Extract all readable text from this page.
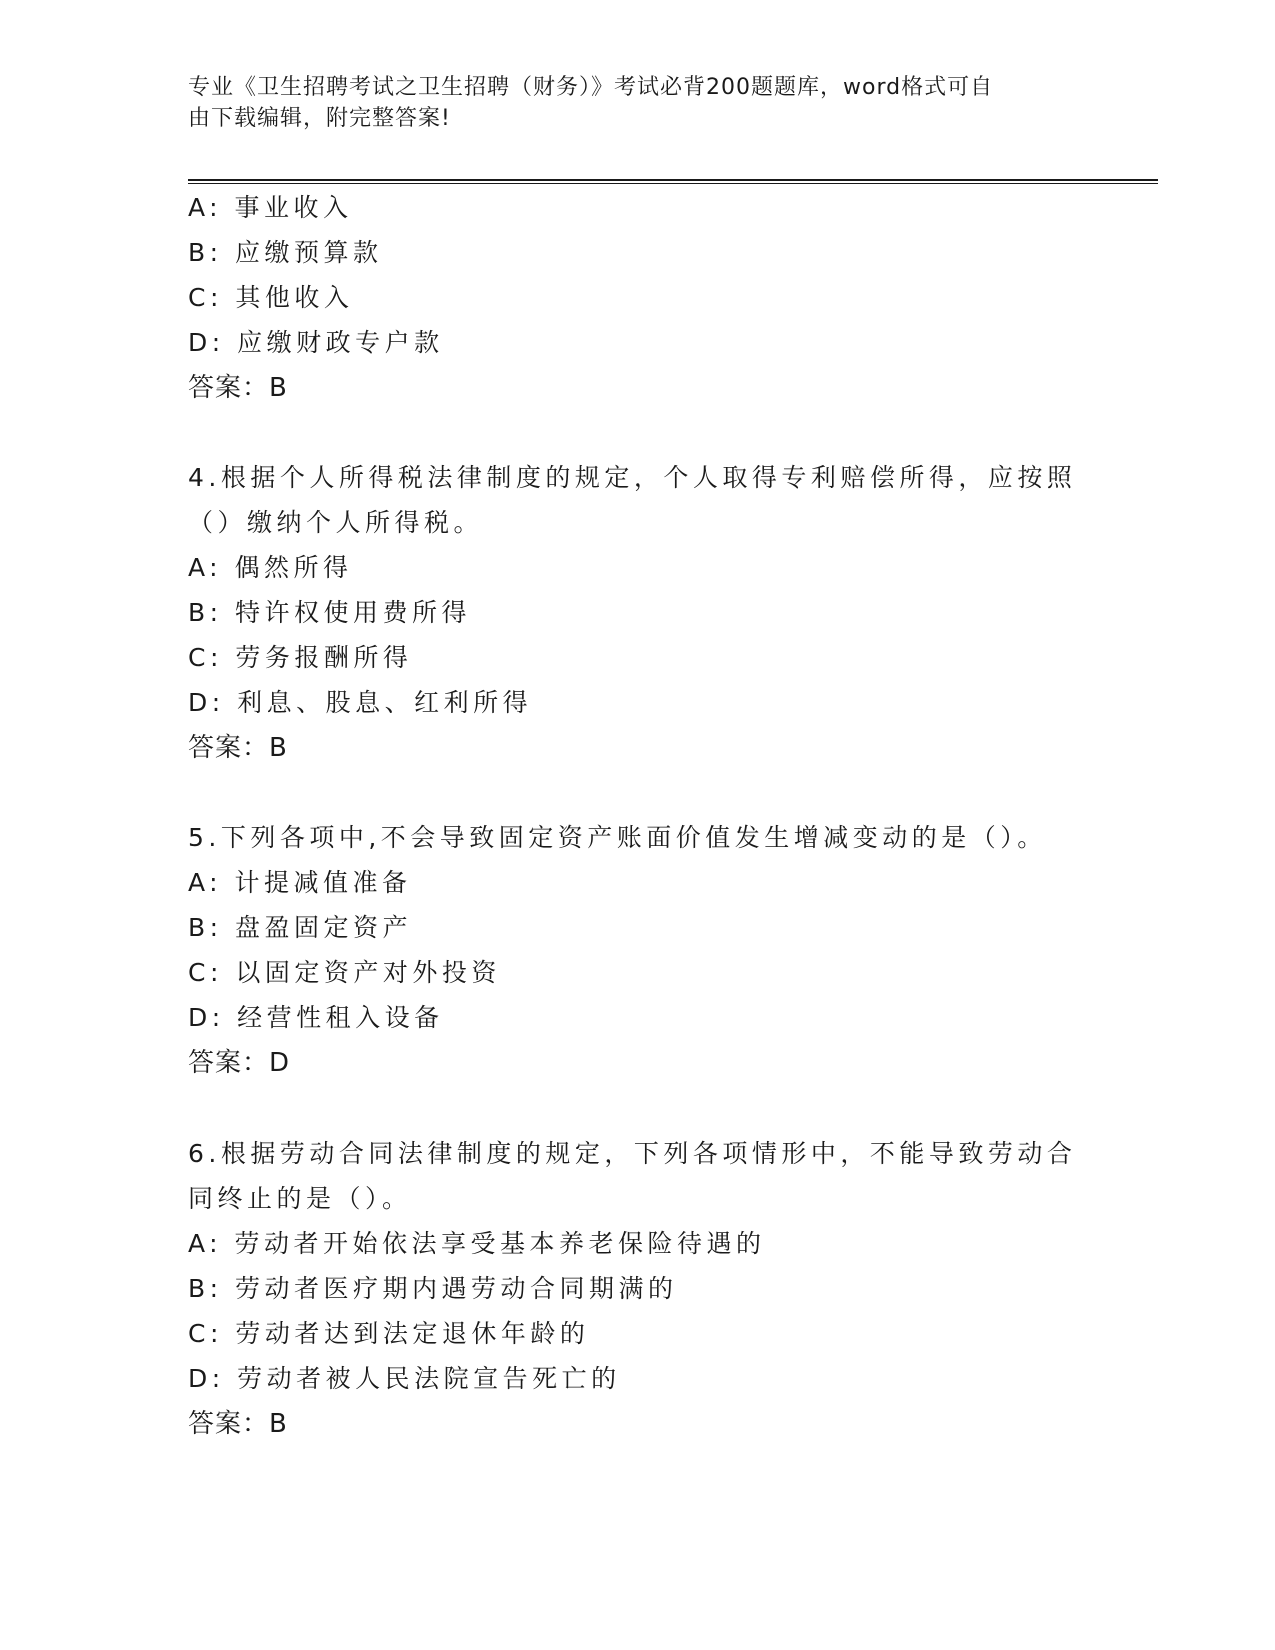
专业《卫生招聘考试之卫生招聘（财务）》考试必背200题题库，word格式可自
由下载编辑，附完整答案!
A: 事业收入
B: 应缴预算款
C: 其他收入
D: 应缴财政专户款
答案：B
4.根据个人所得税法律制度的规定，个人取得专利赔偿所得，应按照
（）缴纳个人所得税。
A: 偶然所得
B: 特许权使用费所得
C: 劳务报酬所得
D: 利息、股息、红利所得
答案：B
5.下列各项中,不会导致固定资产账面价值发生增减变动的是（）。
A: 计提减值准备
B: 盘盈固定资产
C: 以固定资产对外投资
D: 经营性租入设备
答案：D
6.根据劳动合同法律制度的规定，下列各项情形中，不能导致劳动合
同终止的是（）。
A: 劳动者开始依法享受基本养老保险待遇的
B: 劳动者医疗期内遇劳动合同期满的
C: 劳动者达到法定退休年龄的
D: 劳动者被人民法院宣告死亡的
答案：B
